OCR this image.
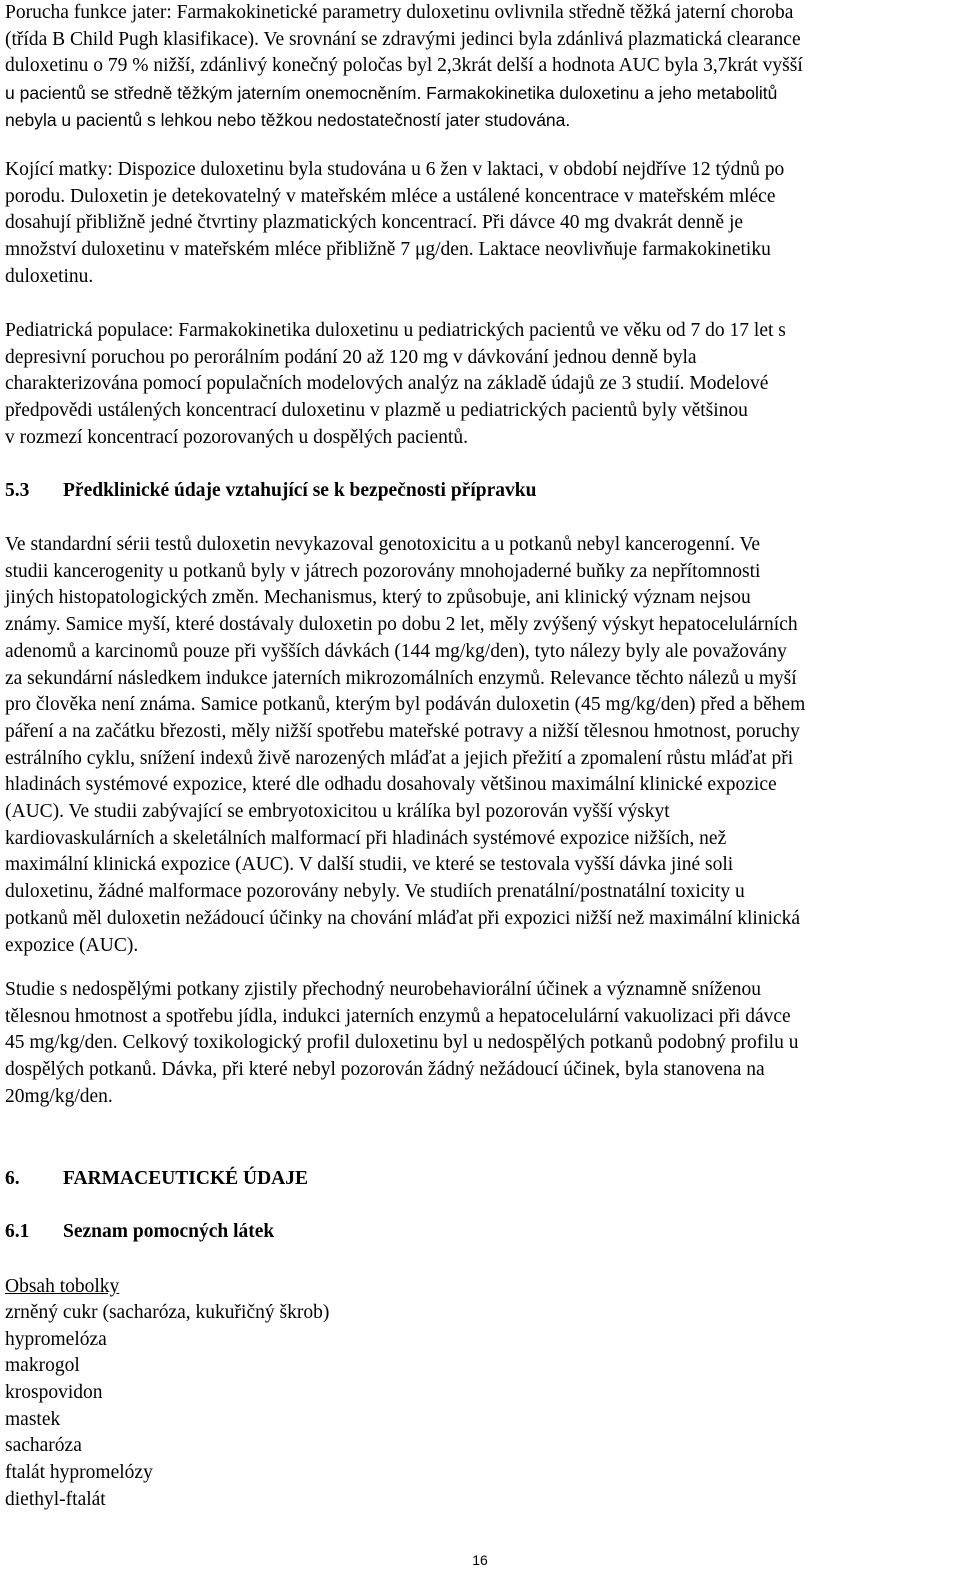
Porucha funkce jater: Farmakokinetické parametry duloxetinu ovlivnila středně těžká jaterní choroba
(třída B Child Pugh klasifikace). Ve srovnání se zdravými jedinci byla zdánlivá plazmatická clearance
duloxetinu o 79 % nižší, zdánlivý konečný poločas byl 2,3krát delší a hodnota AUC byla 3,7krát vyšší
u pacientů se středně těžkým jaterním onemocněním. Farmakokinetika duloxetinu a jeho metabolitů
nebyla u pacientů s lehkou nebo těžkou nedostatečností jater studována.

Kojící matky: Dispozice duloxetinu byla studována u 6 žen v laktaci, v období nejdříve 12 týdnů po
porodu. Duloxetin je detekovatelný v mateřském mléce a ustálené koncentrace v mateřském mléce
dosahují přibližně jedné čtvrtiny plazmatických koncentrací. Při dávce 40 mg dvakrát denně je
množství duloxetinu v mateřském mléce přibližně 7 μg/den. Laktace neovlivňuje farmakokinetiku
duloxetinu.

Pediatrická populace: Farmakokinetika duloxetinu u pediatrických pacientů ve věku od 7 do 17 let s
depresivní poruchou po perorálním podání 20 až 120 mg v dávkování jednou denně byla
charakterizována pomocí populačních modelových analýz na základě údajů ze 3 studií. Modelové
předpovědi ustálených koncentrací duloxetinu v plazmě u pediatrických pacientů byly většinou
v rozmezí koncentrací pozorovaných u dospělých pacientů.

5.3 Předklinické údaje vztahující se k bezpečnosti přípravku

Ve standardní sérii testů duloxetin nevykazoval genotoxicitu a u potkanů nebyl kancerogenní. Ve
studii kancerogenity u potkanů byly v játrech pozorovány mnohojaderné buňky za nepřítomnosti
jiných histopatologických změn. Mechanismus, který to způsobuje, ani klinický význam nejsou
známy. Samice myší, které dostávaly duloxetin po dobu 2 let, měly zvýšený výskyt hepatocelulárních
adenomů a karcinomů pouze při vyšších dávkách (144 mg/kg/den), tyto nálezy byly ale považovány
za sekundární následkem indukce jaterních mikrozomálních enzymů. Relevance těchto nálezů u myší
pro člověka není známa. Samice potkanů, kterým byl podáván duloxetin (45 mg/kg/den) před a během
páření a na začátku březosti, měly nižší spotřebu mateřské potravy a nižší tělesnou hmotnost, poruchy
estrálního cyklu, snížení indexů živě narozených mláďat a jejich přežití a zpomalení růstu mláďat při
hladinách systémové expozice, které dle odhadu dosahovaly většinou maximální klinické expozice
(AUC). Ve studii zabývající se embryotoxicitou u králíka byl pozorován vyšší výskyt
kardiovaskulárních a skeletálních malformací při hladinách systémové expozice nižších, než
maximální klinická expozice (AUC). V další studii, ve které se testovala vyšší dávka jiné soli
duloxetinu, žádné malformace pozorovány nebyly. Ve studiích prenatální/postnatální toxicity u
potkanů měl duloxetin nežádoucí účinky na chování mláďat při expozici nižší než maximální klinická
expozice (AUC).

Studie s nedospělými potkany zjistily přechodný neurobehaviorální účinek a významně sníženou
tělesnou hmotnost a spotřebu jídla, indukci jaterních enzymů a hepatocelulární vakuolizaci při dávce
45 mg/kg/den. Celkový toxikologický profil duloxetinu byl u nedospělých potkanů podobný profilu u
dospělých potkanů. Dávka, při které nebyl pozorován žádný nežádoucí účinek, byla stanovena na
20mg/kg/den.

6. FARMACEUTICKÉ ÚDAJE
6.1 Seznam pomocných látek

Obsah tobolky

zrněný cukr (sacharóza, kukuřičný škrob)
hypromelóza
makrogol
krospovidon
mastek
sacharóza
ftalát hypromelózy
diethyl-ftalát
16
